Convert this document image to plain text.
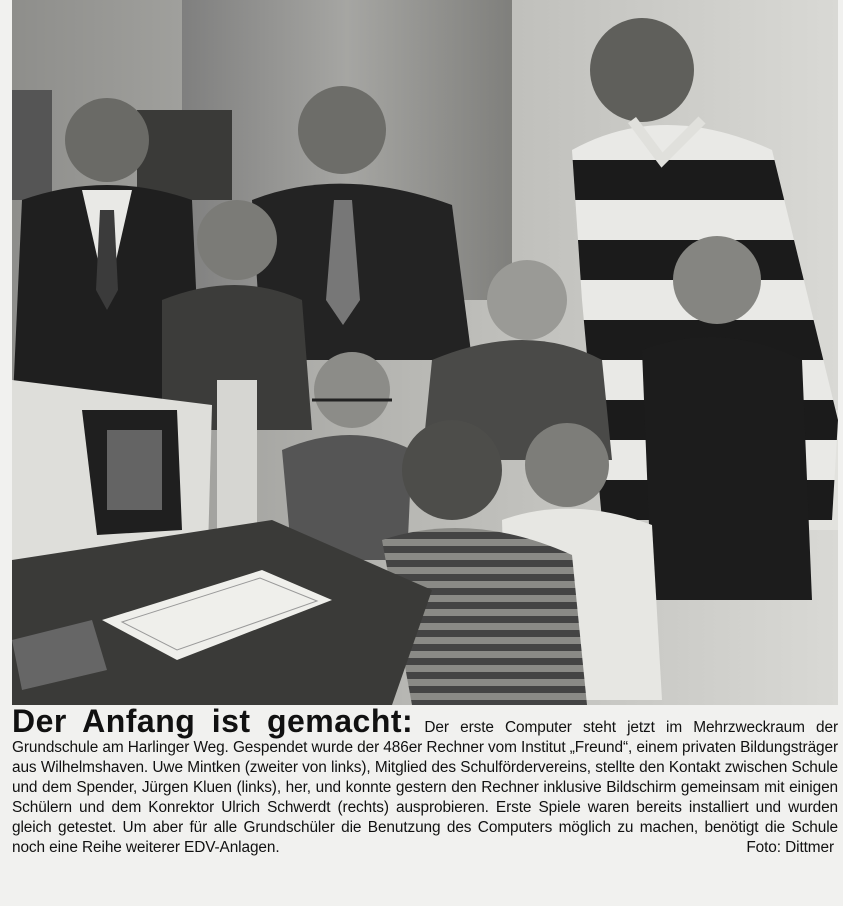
Der Anfang ist gemacht: Der erste Computer steht jetzt im Mehrzweckraum der Grundschule am Harlinger Weg. Gespendet wurde der 486er Rechner vom Institut „Freund“, einem privaten Bildungsträger aus Wilhelmshaven. Uwe Mintken (zweiter von links), Mitglied des Schulfördervereins, stellte den Kontakt zwischen Schule und dem Spender, Jürgen Kluen (links), her, und konnte gestern den Rechner inklusive Bildschirm gemeinsam mit einigen Schülern und dem Konrektor Ulrich Schwerdt (rechts) ausprobieren. Erste Spiele waren bereits installiert und wurden gleich getestet. Um aber für alle Grundschüler die Benutzung des Computers möglich zu machen, benötigt die Schule noch eine Reihe weiterer EDV-Anlagen.	Foto: Dittmer
